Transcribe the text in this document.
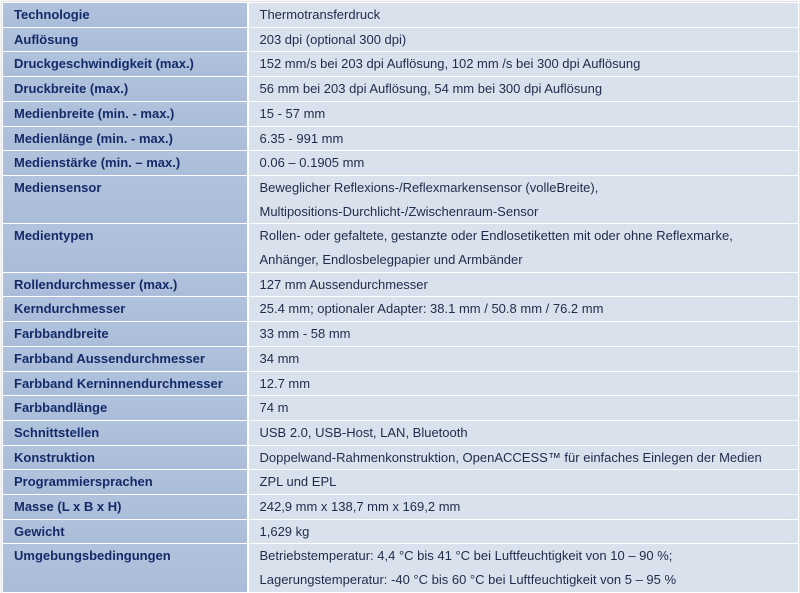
Technologie	Thermotransferdruck

Auflösung	203 dpi (optional 300 dpi)

Druckgeschwindigkeit (max.)	152 mm/s bei 203 dpi Auflösung, 102 mm /s bei 300 dpi Auflösung

Druckbreite (max.)	56 mm bei 203 dpi Auflösung, 54 mm bei 300 dpi Auflösung

Medienbreite (min. - max.)	15 - 57 mm

Medienlänge (min. - max.)	6.35 - 991 mm

Medienstärke (min. – max.)	0.06 – 0.1905 mm

Mediensensor	Beweglicher Reflexions-/Reflexmarkensensor (volleBreite),
Multipositions-Durchlicht-/Zwischenraum-Sensor

Medientypen	Rollen- oder gefaltete, gestanzte oder Endlosetiketten mit oder ohne Reflexmarke,
Anhänger, Endlosbelegpapier und Armbänder

Rollendurchmesser (max.)	127 mm Aussendurchmesser

Kerndurchmesser	25.4 mm; optionaler Adapter: 38.1 mm / 50.8 mm / 76.2 mm

Farbbandbreite	33 mm - 58 mm

Farbband Aussendurchmesser	34 mm

Farbband Kerninnendurchmesser	12.7 mm

Farbbandlänge	74 m

Schnittstellen	USB 2.0, USB-Host, LAN, Bluetooth

Konstruktion	Doppelwand-Rahmenkonstruktion, OpenACCESS™ für einfaches Einlegen der Medien

Programmiersprachen	ZPL und EPL

Masse (L x B x H)	242,9 mm x 138,7 mm x 169,2 mm

Gewicht	1,629 kg

Umgebungsbedingungen	Betriebstemperatur: 4,4 °C bis 41 °C bei Luftfeuchtigkeit von 10 – 90 %;
Lagerungstemperatur: -40 °C bis 60 °C bei Luftfeuchtigkeit von 5 – 95 %
